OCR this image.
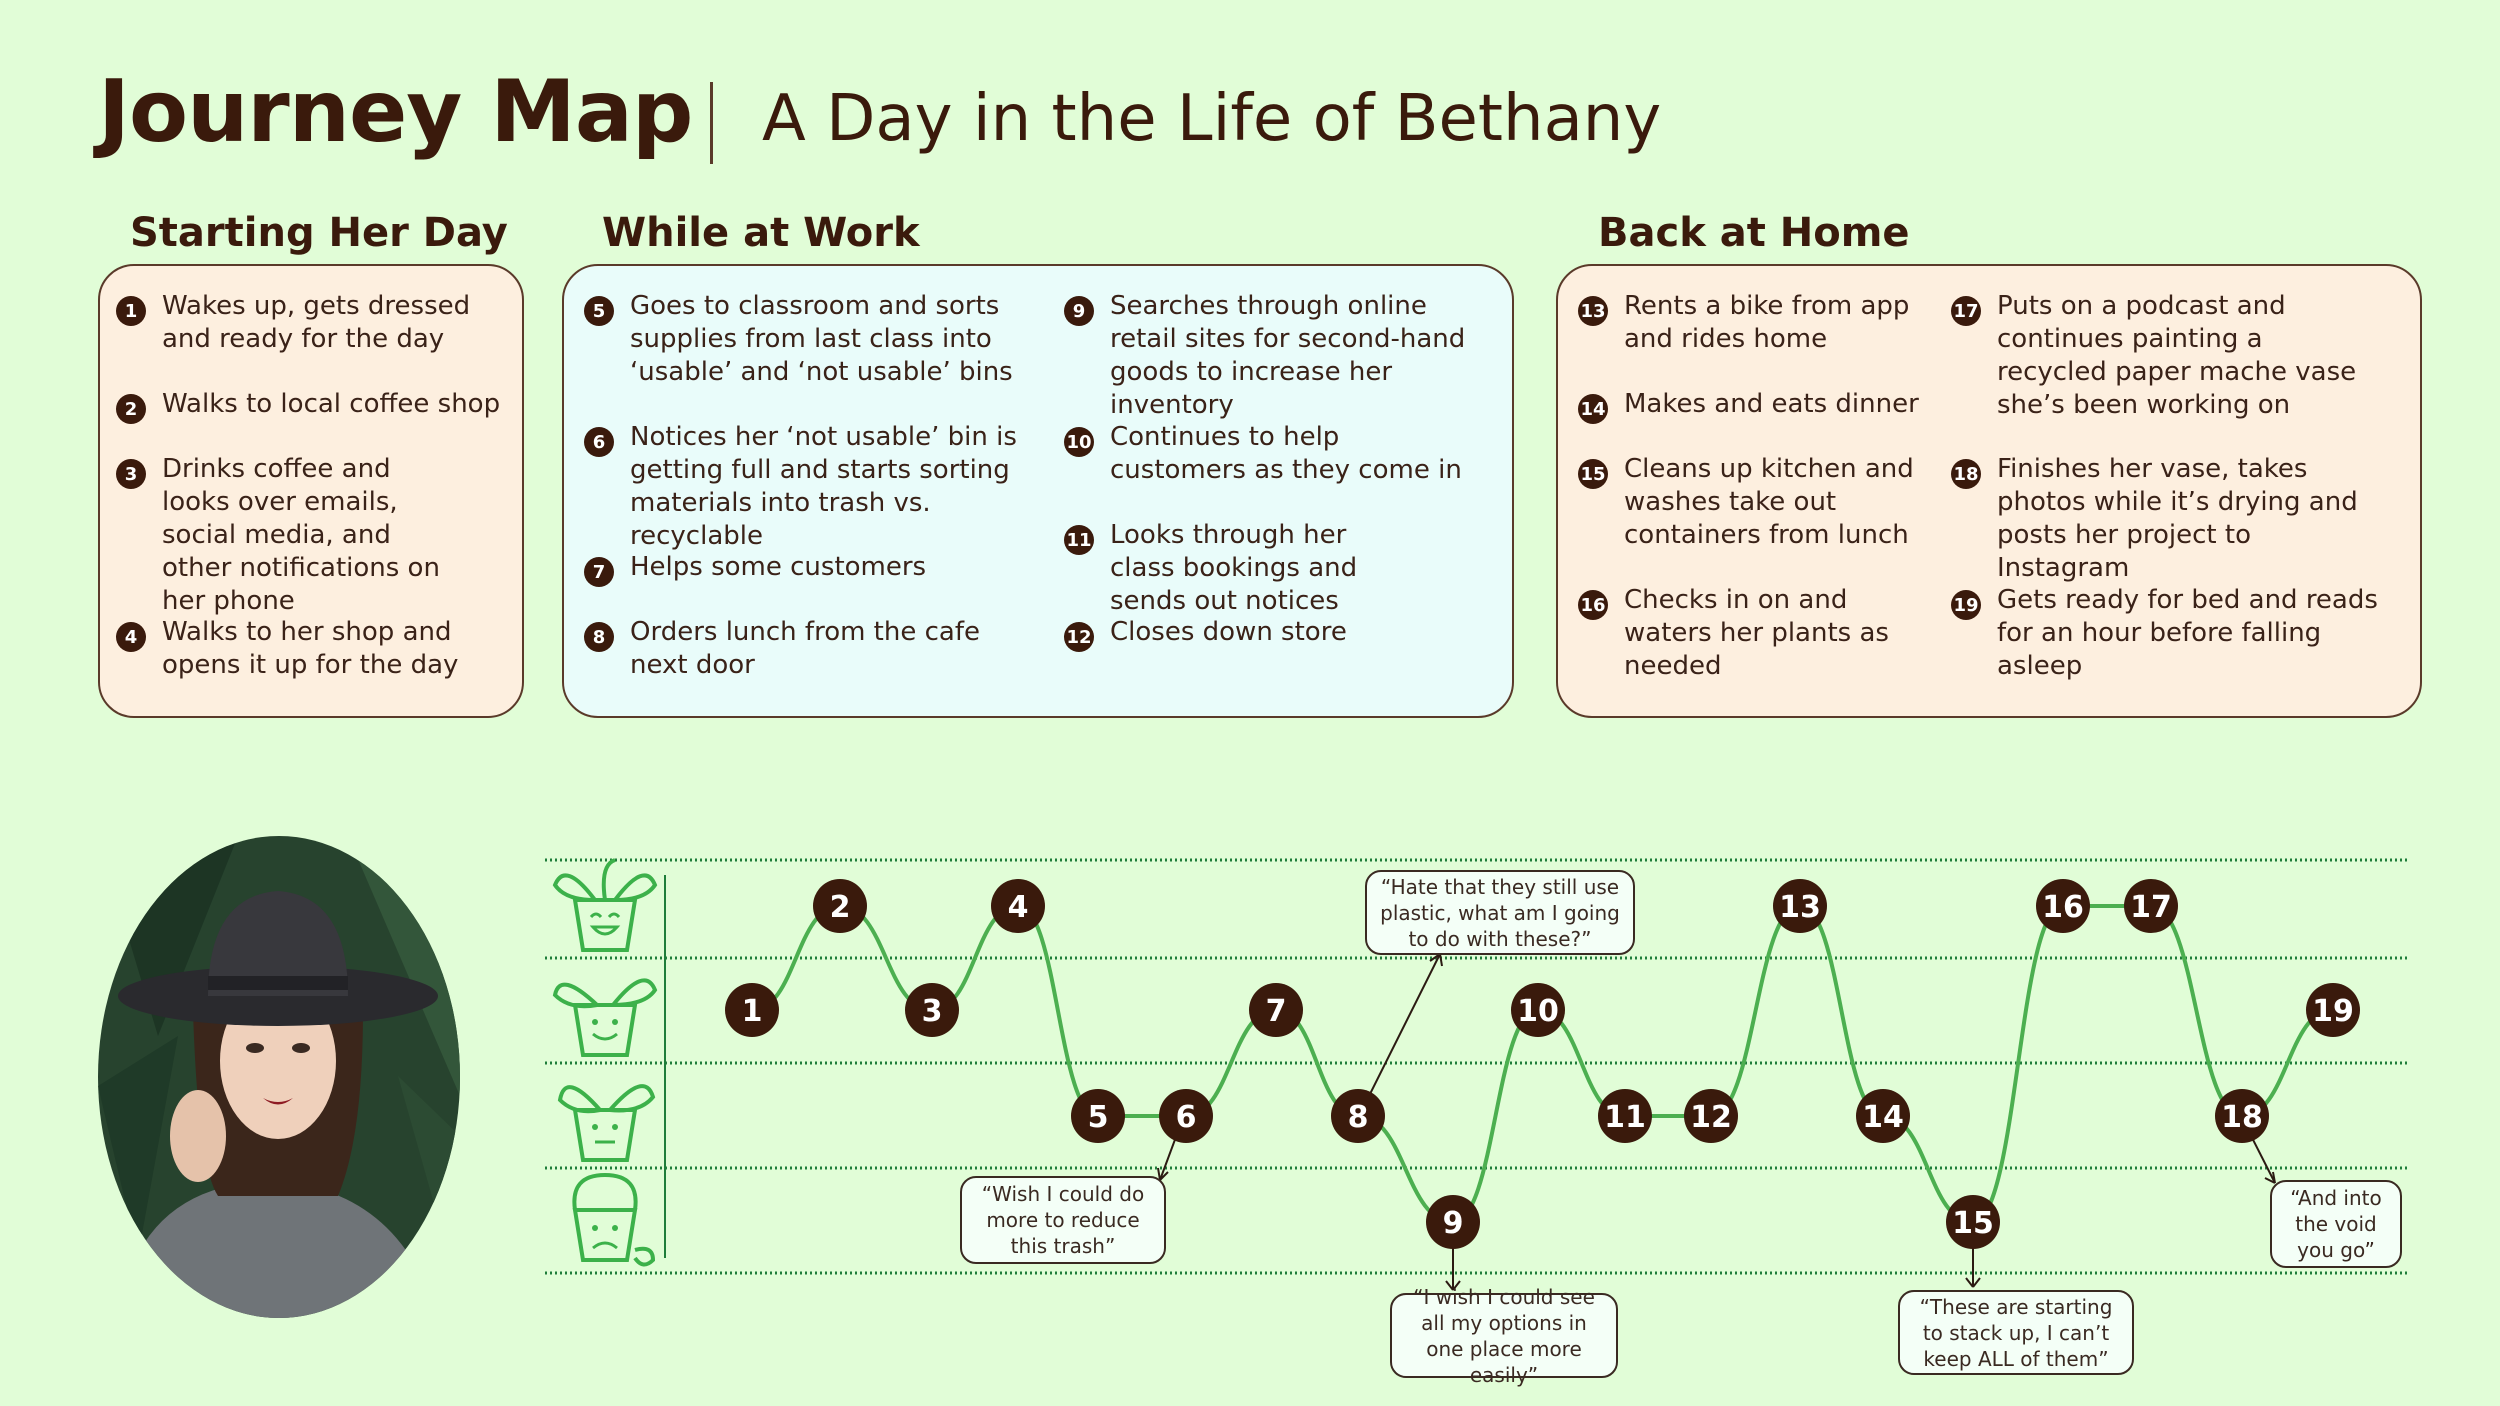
Journey Map A Day in the Life of Bethany
Starting Her Day While at Work	Back at Home
1 Wakes up, gets dressed and ready for the day
2 Walks to local coffee shop
3 Drinks coffee and looks over emails, social media, and other notifications on her phone
4 Walks to her shop and opens it up for the day
5 Goes to classroom and sorts supplies from last class into ‘usable’ and ‘not usable’ bins
6 Notices her ‘not usable’ bin is getting full and starts sorting materials into trash vs. recyclable
7 Helps some customers
8 Orders lunch from the cafe next door
9 Searches through online retail sites for second-hand goods to increase her inventory
10 Continues to help customers as they come in
11 Looks through her class bookings and sends out notices
12 Closes down store
13 Rents a bike from app and rides home
14 Makes and eats dinner
15 Cleans up kitchen and washes take out containers from lunch
16 Checks in on and waters her plants as needed
17 Puts on a podcast and continues painting a recycled paper mache vase she’s been working on
18 Finishes her vase, takes photos while it’s drying and posts her project to Instagram
19 Gets ready for bed and reads for an hour before falling asleep
1
2
3
4
5 6
7
8
9
10
11 12
13
14
15
16 17
18
19
“Wish I could do more to reduce this trash”
“Hate that they still use plastic, what am I going to do with these?”
“I wish I could see all my options in one place more easily”
“These are starting to stack up, I can’t keep ALL of them”
“And into the void you go”
